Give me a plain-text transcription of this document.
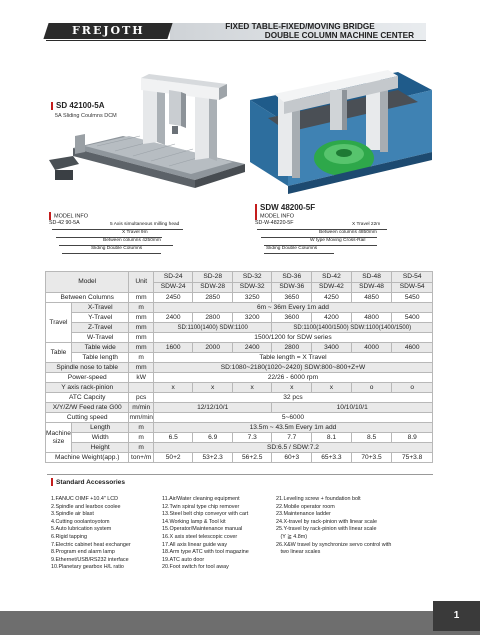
FREJOTH	FIXED TABLE-FIXED/MOVING BRIDGE
DOUBLE COLUMN MACHINE CENTER
SD 42100-5A
5A Sliding Coulmns DCM
SDW 48200-5F
MODEL INFO
SD-42 90-5A	5 Axis simultaneous milling head
X Travel 9m
Between columns 4250mm
Sliding Double Columns
MODEL INFO
SD-W-48220-5F	X Travel 22m
Between columns 4850mm
W type Moving Cross-Rail
Sliding Double Columns
Model		Unit	SD-24	SD-28	SD-32	SD-36	SD-42	SD-48	SD-54
			SDW-24	SDW-28	SDW-32	SDW-36	SDW-42	SDW-48	SDW-54
Between Columns		mm	2450	2850	3250	3650	4250	4850	5450
Travel	X-Travel	m	6m ~ 36m Every 1m add						
	Y-Travel	mm	2400	2800	3200	3600	4200	4800	5400
	Z-Travel	mm	SD:1100(1400) SDW:1100			SD:1100(1400/1500) SDW:1100(1400/1500)			
	W-Travel	mm	1500/1200 for SDW series						
Table	Table wide	mm	1600	2000	2400	2800	3400	4000	4600
	Table length	m	Table length = X Travel						
Spindle nose to table		mm	SD:1080~2180(1020~2420) SDW:800~800+Z+W						
Power-speed		kW	22/26 - 6000 rpm						
Y axis rack-pinion			x	x	x	x	x	o	o
ATC Capcity		pcs	32 pcs						
X/Y/Z/W Feed rate G00		m/min	12/12/10/1			10/10/10/1			
Cutting speed		mm/min	5~6000						
Machine size	Length	m	13.5m ~ 43.5m Every 1m add						
	Width	m	6.5	6.9	7.3	7.7	8.1	8.5	8.9
	Height	m	SD:6.5 / SDW:7.2						
Machine Weight(app.)		ton+/m	50+2	53+2.3	56+2.5	60+3	65+3.3	70+3.5	75+3.8
Standard Accessories
1.FANUC OIMF +10.4" LCD
2.Spindle and learbox coolee
3.Spindle air blast
4.Cutting ooolantoyotom
5.Auto lubrication system
6.Rigid tapping
7.Electric cabinet heat exchanger
8.Program end alarm lamp
9.Ethernet/USB/RS232 interface
10.Planetary gearbox H/L ratio
11.Air/Water cleaning equipment
12.Twin spiral type chip remover
13.Steel belt chip conveyor with cart
14.Working lamp & Tool kit
15.Operator/Maintenance manual
16.X axis steel telescopic cover
17.All axis linear guide way
18.Arm type ATC with tool magazine
19.ATC auto door
20.Foot switch for tool away
21.Leveling screw + foundation bolt
22.Mobile operator room
23.Maintenance ladder
24.X-travel by rack-pinion with linear scale
25.Y-travel by rack-pinion with linear scale
(Y ≧ 4.8m)
26.X&W travel by synchronize servo control with
two linear scales
1
